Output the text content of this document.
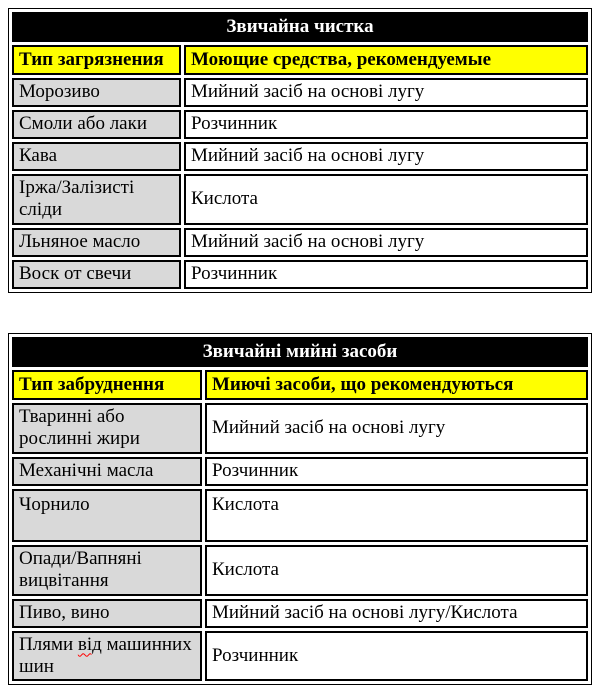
Звичайна чистка	
Тип загрязнения	Моющие средства, рекомендуемые
Морозиво	Мийний засіб на основі лугу
Смоли або лаки	Розчинник
Кава	Мийний засіб на основі лугу
Іржа/Залізисті сліди	Кислота
Льняное масло	Мийний засіб на основі лугу
Воск от свечи	Розчинник
Звичайні мийні засоби	
Тип забруднення	Миючі засоби, що рекомендуються
Тваринні або рослинні жири	Мийний засіб на основі лугу
Механічні масла	Розчинник
Чорнило	Кислота
Опади/Вапняні вицвітання	Кислота
Пиво, вино	Мийний засіб на основі лугу/Кислота
Плями від машинних шин	Розчинник
